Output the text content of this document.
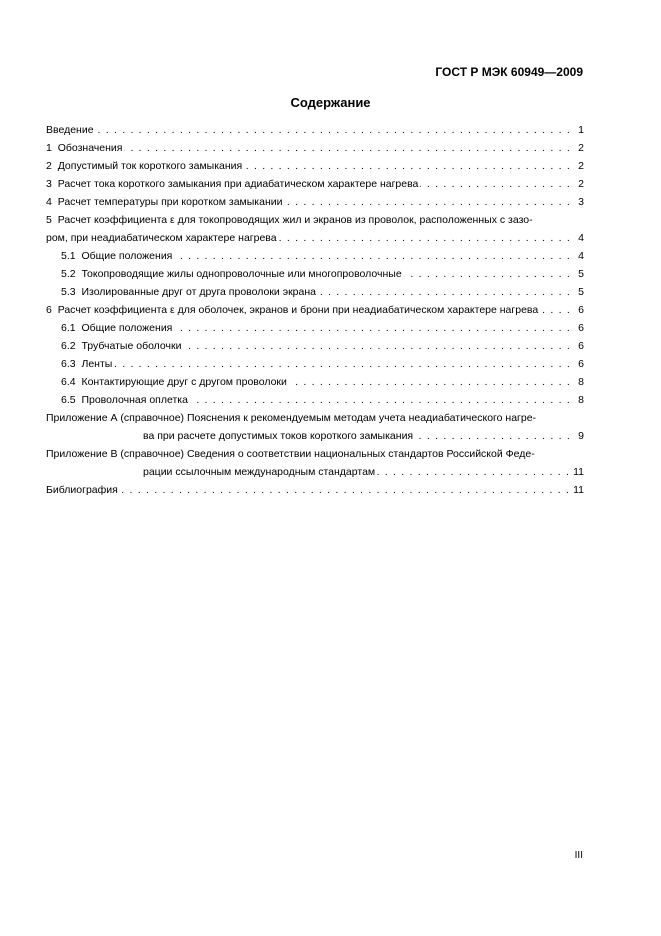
ГОСТ Р МЭК 60949—2009
Содержание
Введение . . .	1
1 Обозначения . . .	2
2 Допустимый ток короткого замыкания . . .	2
3 Расчет тока короткого замыкания при адиабатическом характере нагрева . . .	2
4 Расчет температуры при коротком замыкании . . .	3
5 Расчет коэффициента ε для токопроводящих жил и экранов из проволок, расположенных с зазо-
ром, при неадиабатическом характере нагрева . . .	4
5.1 Общие положения . . .	4
5.2 Токопроводящие жилы однопроволочные или многопроволочные . . .	5
5.3 Изолированные друг от друга проволоки экрана . . .	5
6 Расчет коэффициента ε для оболочек, экранов и брони при неадиабатическом характере нагрева . . .	6
6.1 Общие положения . . .	6
6.2 Трубчатые оболочки . . .	6
6.3 Ленты . . .	6
6.4 Контактирующие друг с другом проволоки . . .	8
6.5 Проволочная оплетка . . .	8
Приложение А (справочное) Пояснения к рекомендуемым методам учета неадиабатического нагре-
ва при расчете допустимых токов короткого замыкания . . .	9
Приложение В (справочное) Сведения о соответствии национальных стандартов Российской Феде-
рации ссылочным международным стандартам . . .	11
Библиография . . .	11
III
